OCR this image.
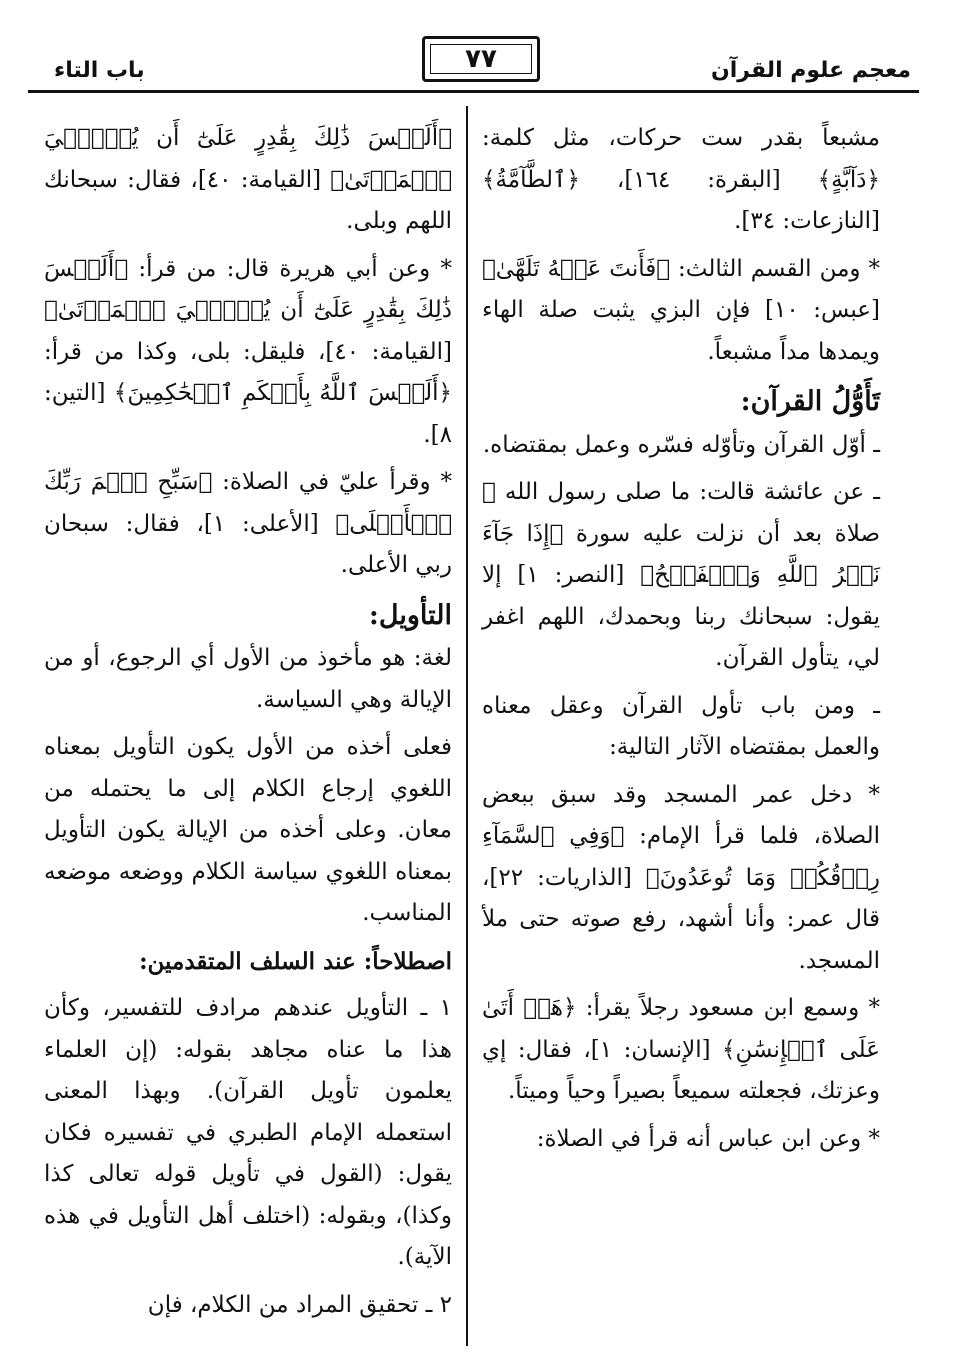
معجم علوم القرآن
٧٧
باب التاء

مشبعاً بقدر ست حركات، مثل كلمة: ﴿دَآبَّةٍ﴾ [البقرة: ١٦٤]، ﴿ٱلطَّآمَّةُ﴾ [النازعات: ٣٤].

* ومن القسم الثالث: ﴿فَأَنتَ عَنۡهُ تَلَهَّىٰ﴾ [عبس: ١٠] فإن البزي يثبت صلة الهاء ويمدها مداً مشبعاً.

تَأَوُّلُ القرآن:

ـ أوّل القرآن وتأوّله فسّره وعمل بمقتضاه.

ـ عن عائشة قالت: ما صلى رسول الله ﷺ صلاة بعد أن نزلت عليه سورة ﴿إِذَا جَآءَ نَصۡرُ ٱللَّهِ وَٱلۡفَتۡحُ﴾ [النصر: ١] إلا يقول: سبحانك ربنا وبحمدك، اللهم اغفر لي، يتأول القرآن.

ـ ومن باب تأول القرآن وعقل معناه والعمل بمقتضاه الآثار التالية:

* دخل عمر المسجد وقد سبق ببعض الصلاة، فلما قرأ الإمام: ﴿وَفِي ٱلسَّمَآءِ رِزۡقُكُمۡ وَمَا تُوعَدُونَ﴾ [الذاريات: ٢٢]، قال عمر: وأنا أشهد، رفع صوته حتى ملأ المسجد.

* وسمع ابن مسعود رجلاً يقرأ: ﴿هَلۡ أَتَىٰ عَلَى ٱلۡإِنسَٰنِ﴾ [الإنسان: ١]، فقال: إي وعزتك، فجعلته سميعاً بصيراً وحياً وميتاً.

* وعن ابن عباس أنه قرأ في الصلاة:

﴿أَلَيۡسَ ذَٰلِكَ بِقَٰدِرٍ عَلَىٰٓ أَن يُحۡـِۧيَ ٱلۡمَوۡتَىٰ﴾ [القيامة: ٤٠]، فقال: سبحانك اللهم وبلى.

* وعن أبي هريرة قال: من قرأ: ﴿أَلَيۡسَ ذَٰلِكَ بِقَٰدِرٍ عَلَىٰٓ أَن يُحۡـِۧيَ ٱلۡمَوۡتَىٰ﴾ [القيامة: ٤٠]، فليقل: بلى، وكذا من قرأ: ﴿أَلَيۡسَ ٱللَّهُ بِأَحۡكَمِ ٱلۡحَٰكِمِينَ﴾ [التين: ٨].

* وقرأ عليّ في الصلاة: ﴿سَبِّحِ ٱسۡمَ رَبِّكَ ٱلۡأَعۡلَى﴾ [الأعلى: ١]، فقال: سبحان ربي الأعلى.

التأويل:

لغة: هو مأخوذ من الأول أي الرجوع، أو من الإيالة وهي السياسة.

فعلى أخذه من الأول يكون التأويل بمعناه اللغوي إرجاع الكلام إلى ما يحتمله من معان. وعلى أخذه من الإيالة يكون التأويل بمعناه اللغوي سياسة الكلام ووضعه موضعه المناسب.

اصطلاحاً: عند السلف المتقدمين:

١ ـ التأويل عندهم مرادف للتفسير، وكأن هذا ما عناه مجاهد بقوله: (إن العلماء يعلمون تأويل القرآن). وبهذا المعنى استعمله الإمام الطبري في تفسيره فكان يقول: (القول في تأويل قوله تعالى كذا وكذا)، وبقوله: (اختلف أهل التأويل في هذه الآية).

٢ ـ تحقيق المراد من الكلام، فإن
